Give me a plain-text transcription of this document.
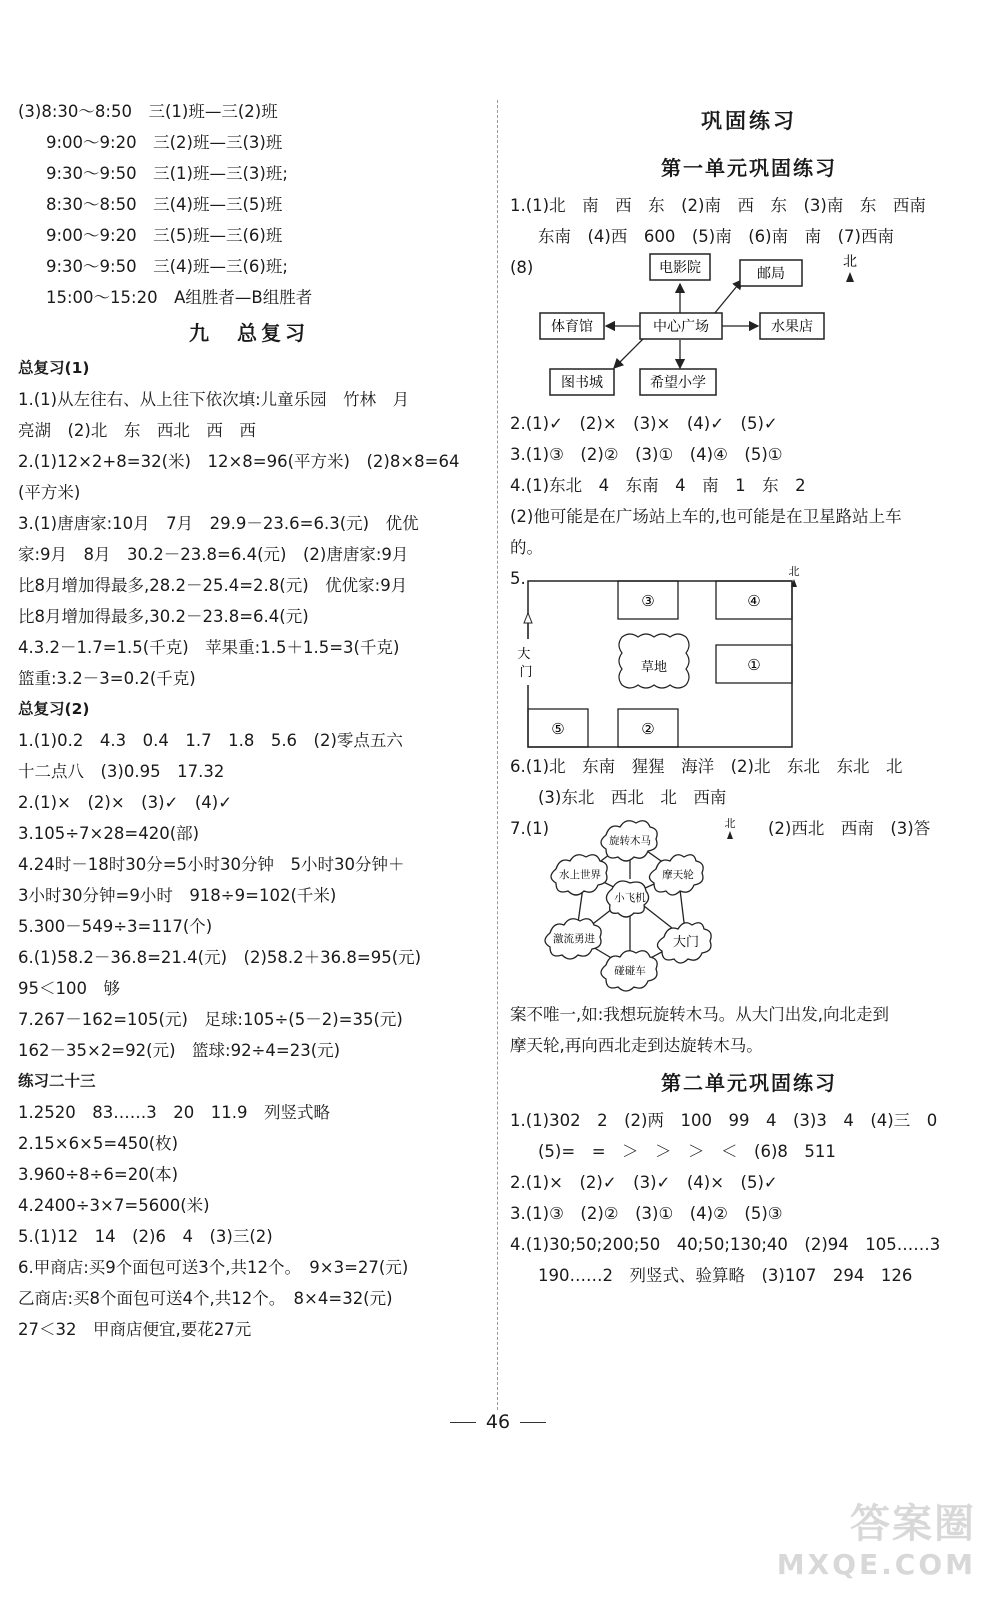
(3)8:30～8:50　三(1)班—三(2)班
9:00～9:20　三(2)班—三(3)班
9:30～9:50　三(1)班—三(3)班;
8:30～8:50　三(4)班—三(5)班
9:00～9:20　三(5)班—三(6)班
9:30～9:50　三(4)班—三(6)班;
15:00～15:20　A组胜者—B组胜者
九　总复习
总复习(1)
1.(1)从左往右、从上往下依次填:儿童乐园　竹林　月
亮湖　(2)北　东　西北　西　西
2.(1)12×2+8=32(米)　12×8=96(平方米)　(2)8×8=64
(平方米)
3.(1)唐唐家:10月　7月　29.9－23.6=6.3(元)　优优
家:9月　8月　30.2－23.8=6.4(元)　(2)唐唐家:9月
比8月增加得最多,28.2－25.4=2.8(元)　优优家:9月
比8月增加得最多,30.2－23.8=6.4(元)
4.3.2－1.7=1.5(千克)　苹果重:1.5＋1.5=3(千克)
篮重:3.2－3=0.2(千克)
总复习(2)
1.(1)0.2　4.3　0.4　1.7　1.8　5.6　(2)零点五六
十二点八　(3)0.95　17.32
2.(1)×　(2)×　(3)✓　(4)✓
3.105÷7×28=420(部)
4.24时－18时30分=5小时30分钟　5小时30分钟＋
3小时30分钟=9小时　918÷9=102(千米)
5.300－549÷3=117(个)
6.(1)58.2－36.8=21.4(元)　(2)58.2＋36.8=95(元)
95＜100　够
7.267－162=105(元)　足球:105÷(5－2)=35(元)
162－35×2=92(元)　篮球:92÷4=23(元)
练习二十三
1.2520　83……3　20　11.9　列竖式略
2.15×6×5=450(枚)
3.960÷8÷6=20(本)
4.2400÷3×7=5600(米)
5.(1)12　14　(2)6　4　(3)三(2)
6.甲商店:买9个面包可送3个,共12个。　9×3=27(元)
乙商店:买8个面包可送4个,共12个。　8×4=32(元)
27＜32　甲商店便宜,要花27元
巩固练习
第一单元巩固练习
1.(1)北　南　西　东　(2)南　西　东　(3)南　东　西南
东南　(4)西　600　(5)南　(6)南　南　(7)西南
(8)	电影院	邮局
中心广场
体育馆	水果店
图书城	希望小学
北
2.(1)✓　(2)×　(3)×　(4)✓　(5)✓
3.(1)③　(2)②　(3)①　(4)④　(5)①
4.(1)东北　4　东南　4　南　1　东　2
(2)他可能是在广场站上车的,也可能是在卫星路站上车
的。
5.
③	④
①
⑤	②
草地
大 门
北
6.(1)北　东南　猩猩　海洋　(2)北　东北　东北　北
(3)东北　西北　北　西南
7.(1)	(2)西北　西南　(3)答
旋转木马
水上世界	摩天轮
小飞机
激流勇进	大门
碰碰车
北
案不唯一,如:我想玩旋转木马。从大门出发,向北走到
摩天轮,再向西北走到达旋转木马。
第二单元巩固练习
1.(1)302　2　(2)两　100　99　4　(3)3　4　(4)三　0
(5)=　=　＞　＞　＞　＜　(6)8　511
2.(1)×　(2)✓　(3)✓　(4)×　(5)✓
3.(1)③　(2)②　(3)①　(4)②　(5)③
4.(1)30;50;200;50　40;50;130;40　(2)94　105……3
190……2　列竖式、验算略　(3)107　294　126
46
答案圈
MXQE.COM
